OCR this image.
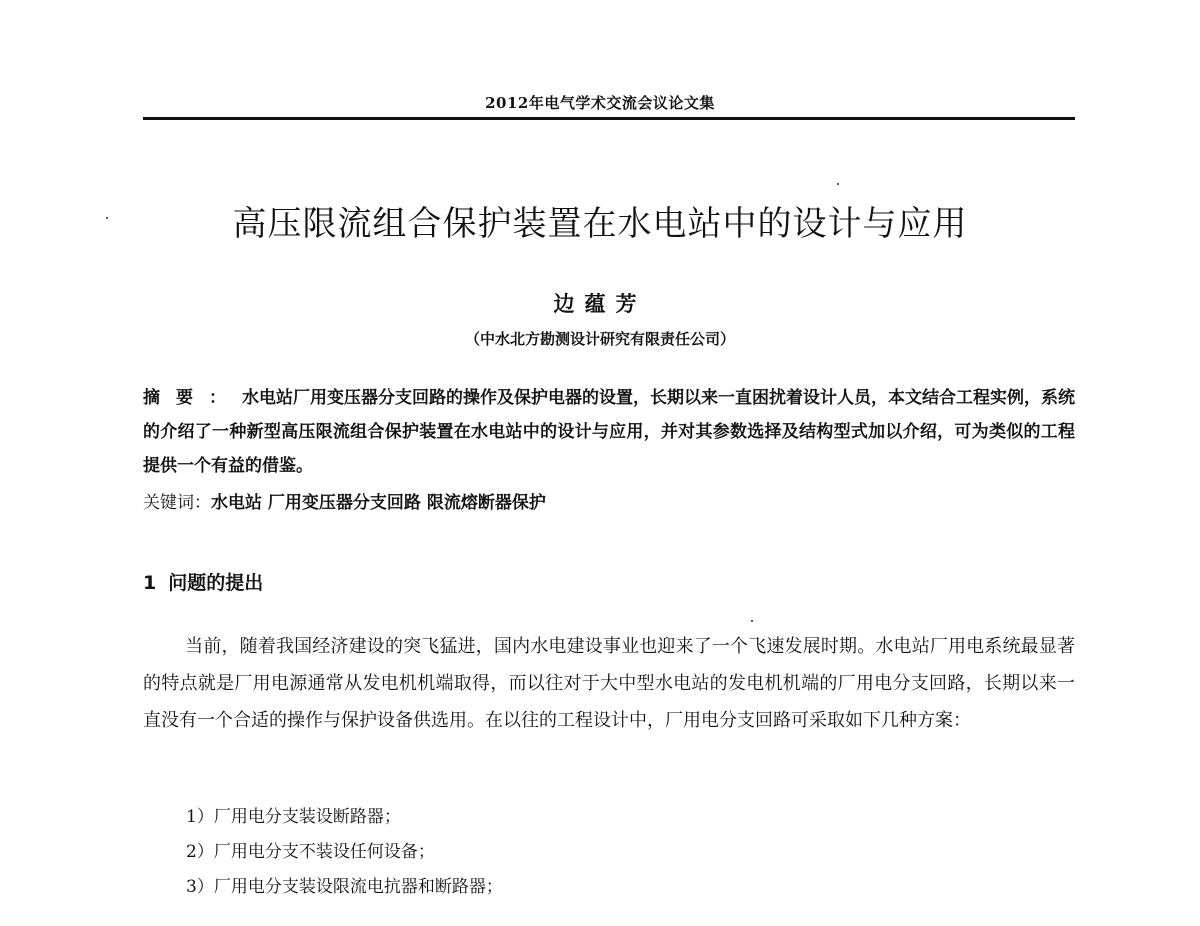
2012年电气学术交流会议论文集
高压限流组合保护装置在水电站中的设计与应用
边蕴芳
（中水北方勘测设计研究有限责任公司）
摘要：水电站厂用变压器分支回路的操作及保护电器的设置，长期以来一直困扰着设计人员，本文结合工程实例，系统的介绍了一种新型高压限流组合保护装置在水电站中的设计与应用，并对其参数选择及结构型式加以介绍，可为类似的工程提供一个有益的借鉴。
关键词：水电站 厂用变压器分支回路 限流熔断器保护
1 问题的提出
当前，随着我国经济建设的突飞猛进，国内水电建设事业也迎来了一个飞速发展时期。水电站厂用电系统最显著的特点就是厂用电源通常从发电机机端取得，而以往对于大中型水电站的发电机机端的厂用电分支回路，长期以来一直没有一个合适的操作与保护设备供选用。在以往的工程设计中，厂用电分支回路可采取如下几种方案：
1）厂用电分支装设断路器；
2）厂用电分支不装设任何设备；
3）厂用电分支装设限流电抗器和断路器；
